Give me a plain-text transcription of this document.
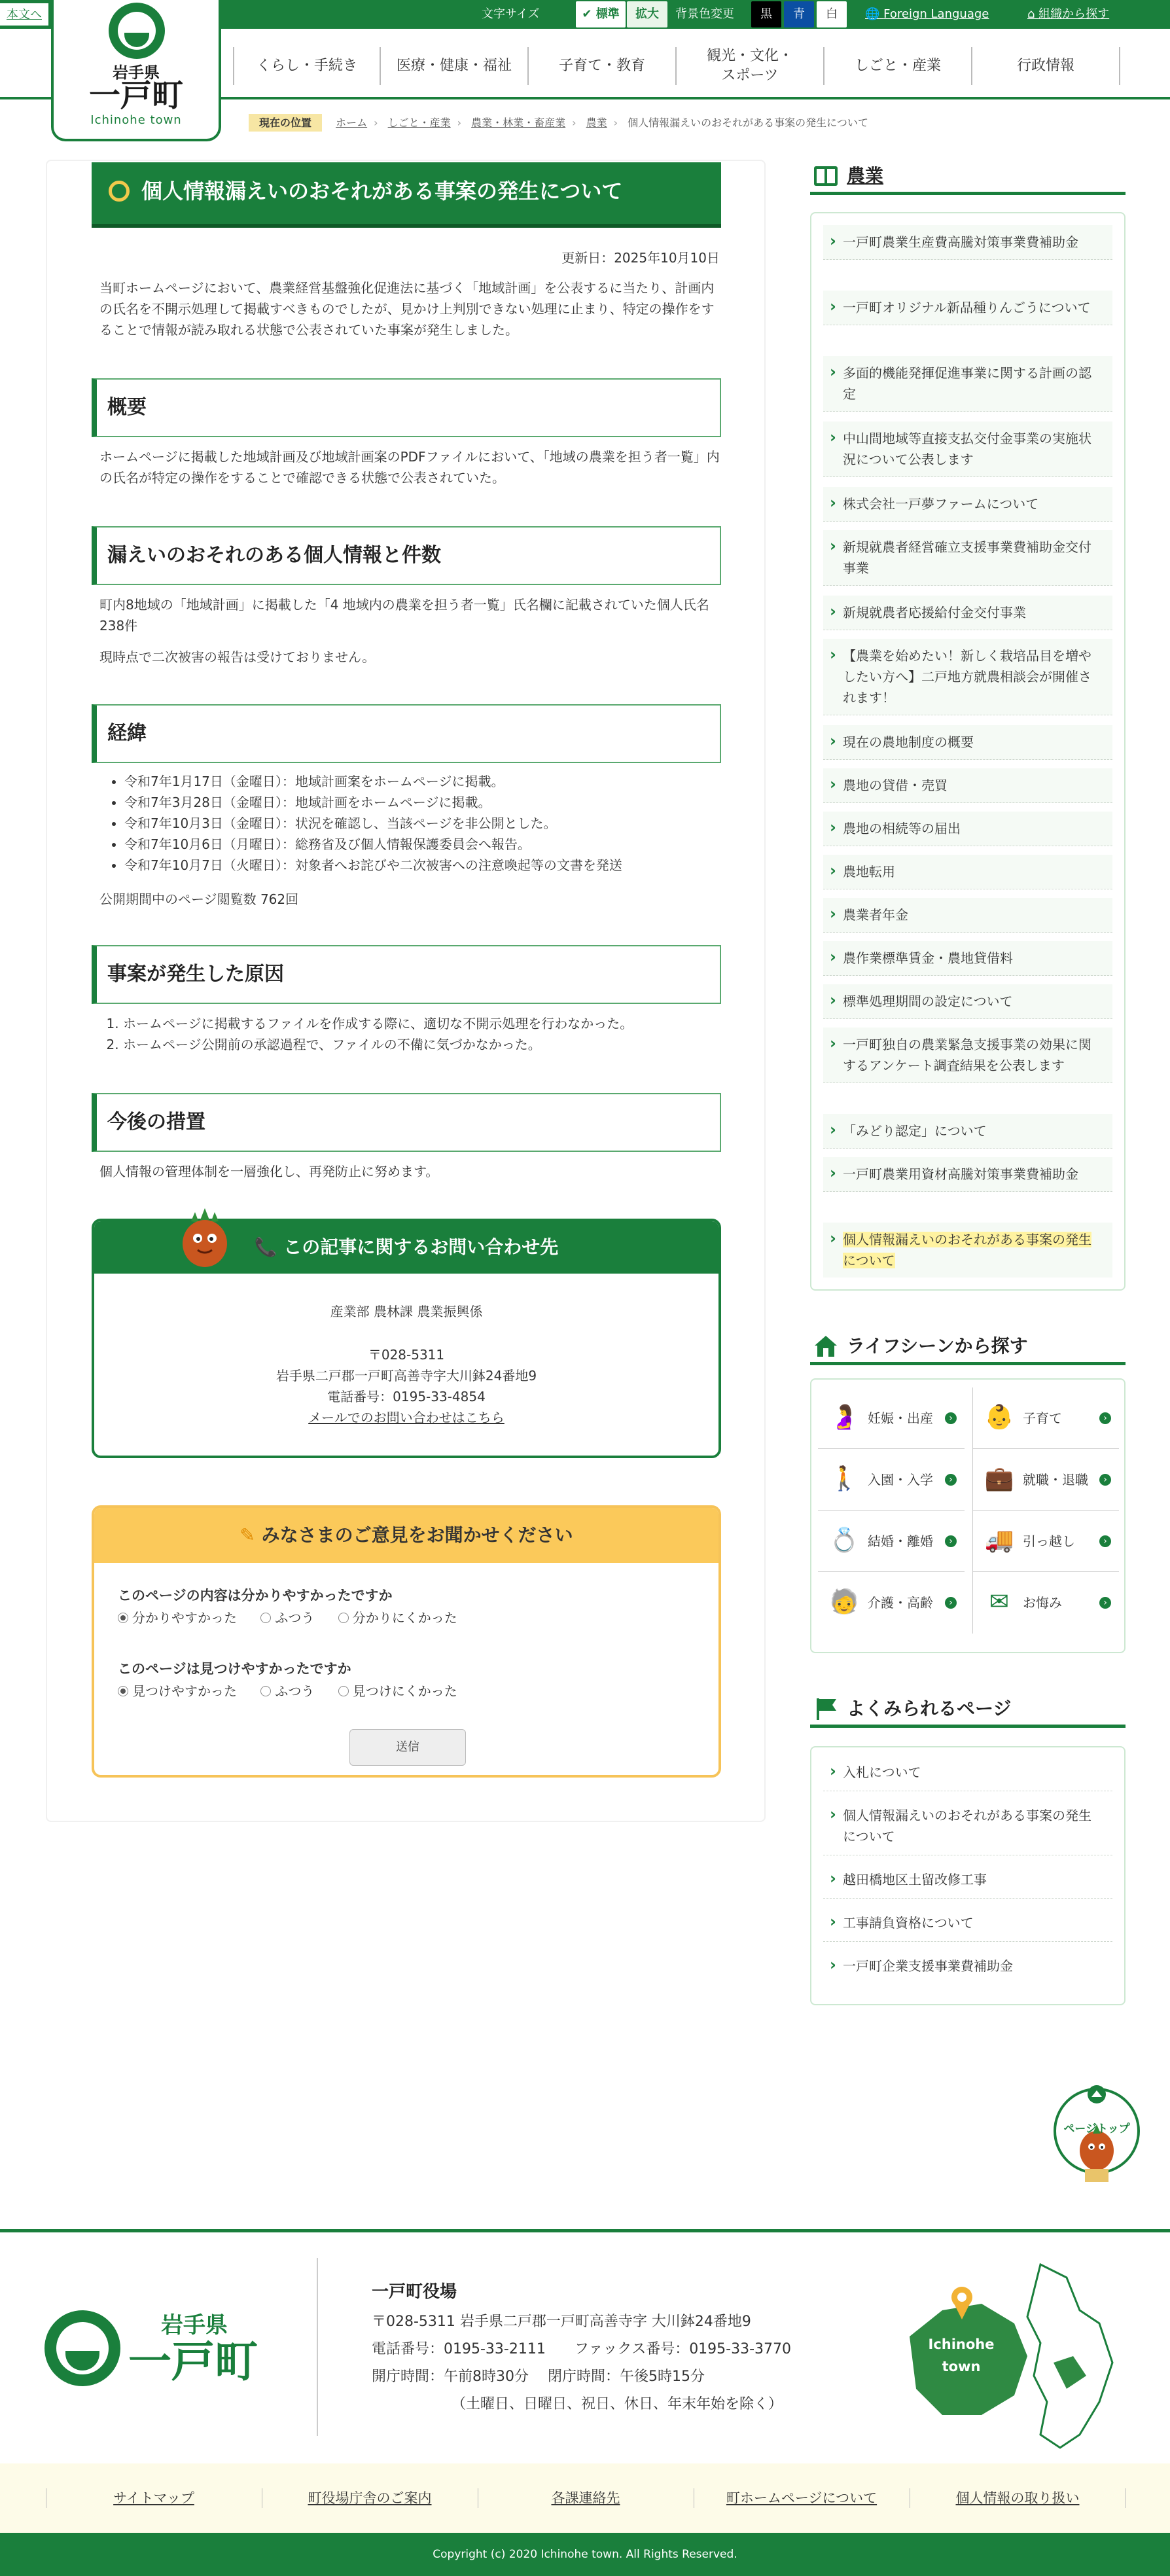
本文へ	文字サイズ	✔ 標準	拡大	背景色変更	黒	青	白	🌐 Foreign Language	⌂ 組織から探す
岩手県
一戸町
Ichinohe town
くらし・手続き	医療・健康・福祉	子育て・教育
観光・文化・
スポーツ
しごと・産業	行政情報
現在の位置 ホーム › しごと・産業 › 農業・林業・畜産業 › 農業 › 個人情報漏えいのおそれがある事案の発生について
個人情報漏えいのおそれがある事案の発生について
更新日：2025年10月10日

当町ホームページにおいて、農業経営基盤強化促進法に基づく「地域計画」を公表するに当たり、計画内の氏名を不開示処理して掲載すべきものでしたが、見かけ上判別できない処理に止まり、特定の操作をすることで情報が読み取れる状態で公表されていた事案が発生しました。

概要

ホームページに掲載した地域計画及び地域計画案のPDFファイルにおいて、「地域の農業を担う者一覧」内の氏名が特定の操作をすることで確認できる状態で公表されていた。

漏えいのおそれのある個人情報と件数

町内8地域の「地域計画」に掲載した「4 地域内の農業を担う者一覧」氏名欄に記載されていた個人氏名238件

現時点で二次被害の報告は受けておりません。

経緯
• 令和7年1月17日（金曜日）：地域計画案をホームページに掲載。
• 令和7年3月28日（金曜日）：地域計画をホームページに掲載。
• 令和7年10月3日（金曜日）：状況を確認し、当該ページを非公開とした。
• 令和7年10月6日（月曜日）：総務省及び個人情報保護委員会へ報告。
• 令和7年10月7日（火曜日）：対象者へお詫びや二次被害への注意喚起等の文書を発送

公開期間中のページ閲覧数 762回

事案が発生した原因
1. ホームページに掲載するファイルを作成する際に、適切な不開示処理を行わなかった。
2. ホームページ公開前の承認過程で、ファイルの不備に気づかなかった。
今後の措置

個人情報の管理体制を一層強化し、再発防止に努めます。

📞 この記事に関するお問い合わせ先
産業部 農林課 農業振興係
〒028-5311
岩手県二戸郡一戸町高善寺字大川鉢24番地9
電話番号：0195-33-4854
メールでのお問い合わせはこちら
✎ みなさまのご意見をお聞かせください
このページの内容は分かりやすかったですか
分かりやすかった	ふつう	分かりにくかった
このページは見つけやすかったですか
見つけやすかった	ふつう	見つけにくかった
送信
農業
› 一戸町農業生産費高騰対策事業費補助金
› 一戸町オリジナル新品種りんごうについて
› 多面的機能発揮促進事業に関する計画の認定
› 中山間地域等直接支払交付金事業の実施状況について公表します
› 株式会社一戸夢ファームについて
› 新規就農者経営確立支援事業費補助金交付事業
› 新規就農者応援給付金交付事業
› 【農業を始めたい！新しく栽培品目を増やしたい方へ】二戸地方就農相談会が開催されます！
› 現在の農地制度の概要
› 農地の貸借・売買
› 農地の相続等の届出
› 農地転用
› 農業者年金
› 農作業標準賃金・農地貸借料
› 標準処理期間の設定について
› 一戸町独自の農業緊急支援事業の効果に関するアンケート調査結果を公表します
› 「みどり認定」について
› 一戸町農業用資材高騰対策事業費補助金
› 個人情報漏えいのおそれがある事案の発生について
ライフシーンから探す
🤰 妊娠・出産	› 👶 子育て	›
🚶 入園・入学	› 💼 就職・退職	›
💍 結婚・離婚	› 🚚 引っ越し	›
🧓 介護・高齢	›	✉	お悔み	›
よくみられるページ
› 入札について
› 個人情報漏えいのおそれがある事案の発生について
› 越田橋地区土留改修工事
› 工事請負資格について
› 一戸町企業支援事業費補助金
ページトップ
岩手県
一戸町
一戸町役場
〒028-5311 岩手県二戸郡一戸町高善寺字 大川鉢24番地9
電話番号：0195-33-2111　　ファックス番号：0195-33-3770
開庁時間：午前8時30分　 閉庁時間：午後5時15分
（土曜日、日曜日、祝日、休日、年末年始を除く）
Ichinohe town
サイトマップ	町役場庁舎のご案内	各課連絡先	町ホームページについて	個人情報の取り扱い
Copyright (c) 2020 Ichinohe town. All Rights Reserved.
